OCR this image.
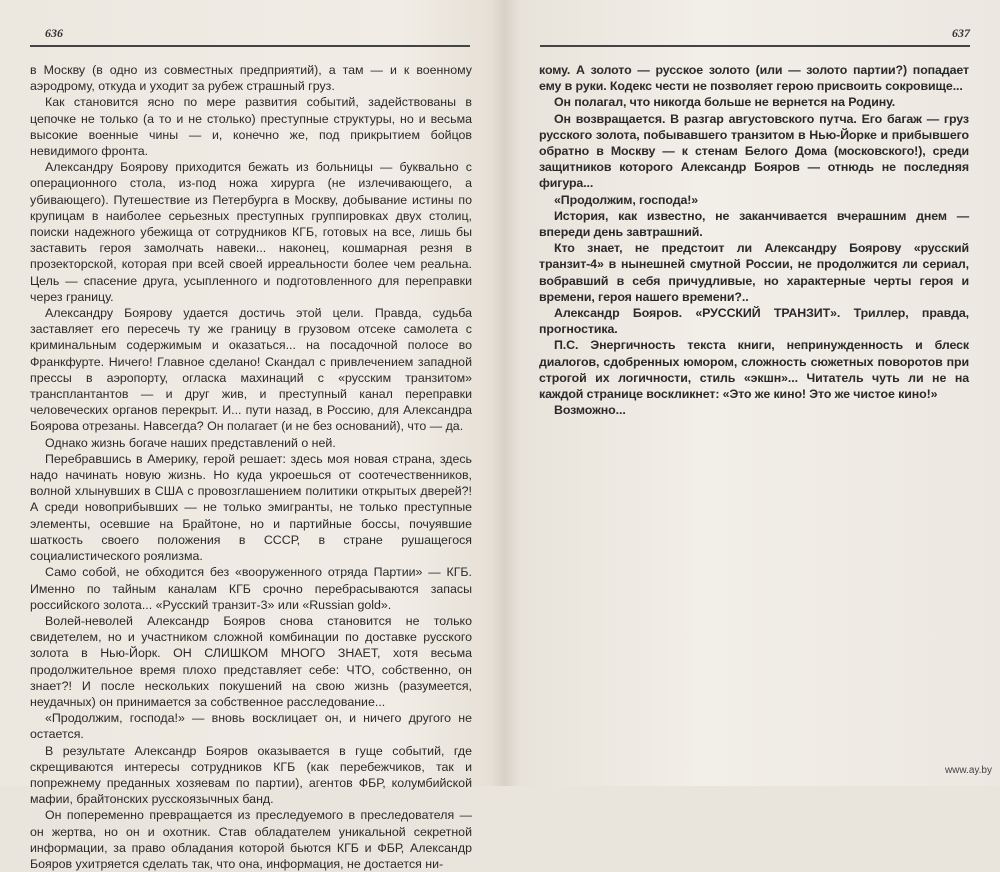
636

в Москву (в одно из совместных предприятий), а там — и к военному аэродрому, откуда и уходит за рубеж страшный груз.

Как становится ясно по мере развития событий, задействованы в цепочке не только (а то и не столько) преступные структуры, но и весьма высокие военные чины — и, конечно же, под прикрытием бойцов невидимого фронта.

Александру Боярову приходится бежать из больницы — буквально с операционного стола, из-под ножа хирурга (не излечивающего, а убивающего). Путешествие из Петербурга в Москву, добывание истины по крупицам в наиболее серьезных преступных группировках двух столиц, поиски надежного убежища от сотрудников КГБ, готовых на все, лишь бы заставить героя замолчать навеки... наконец, кошмарная резня в прозекторской, которая при всей своей ирреальности более чем реальна. Цель — спасение друга, усыпленного и подготовленного для переправки через границу.

Александру Боярову удается достичь этой цели. Правда, судьба заставляет его пересечь ту же границу в грузовом отсеке самолета с криминальным содержимым и оказаться... на посадочной полосе во Франкфурте. Ничего! Главное сделано! Скандал с привлечением западной прессы в аэропорту, огласка махинаций с «русским транзитом» трансплантантов — и друг жив, и преступный канал переправки человеческих органов перекрыт. И... пути назад, в Россию, для Александра Боярова отрезаны. Навсегда? Он полагает (и не без оснований), что — да.

Однако жизнь богаче наших представлений о ней.

Перебравшись в Америку, герой решает: здесь моя новая страна, здесь надо начинать новую жизнь. Но куда укроешься от соотечественников, волной хлынувших в США с провозглашением политики открытых дверей?! А среди новоприбывших — не только эмигранты, не только преступные элементы, осевшие на Брайтоне, но и партийные боссы, почуявшие шаткость своего положения в СССР, в стране рушащегося социалистического роялизма.

Само собой, не обходится без «вооруженного отряда Партии» — КГБ. Именно по тайным каналам КГБ срочно перебрасываются запасы российского золота... «Русский транзит-3» или «Russian gold».

Волей-неволей Александр Бояров снова становится не только свидетелем, но и участником сложной комбинации по доставке русского золота в Нью-Йорк. ОН СЛИШКОМ МНОГО ЗНАЕТ, хотя весьма продолжительное время плохо представляет себе: ЧТО, собственно, он знает?! И после нескольких покушений на свою жизнь (разумеется, неудачных) он принимается за собственное расследование...

«Продолжим, господа!» — вновь восклицает он, и ничего другого не остается.

В результате Александр Бояров оказывается в гуще событий, где скрещиваются интересы сотрудников КГБ (как перебежчиков, так и попрежнему преданных хозяевам по партии), агентов ФБР, колумбийской мафии, брайтонских русскоязычных банд.

Он попеременно превращается из преследуемого в преследователя — он жертва, но он и охотник. Став обладателем уникальной секретной информации, за право обладания которой бьются КГБ и ФБР, Александр Бояров ухитряется сделать так, что она, информация, не достается ни-

637

кому. А золото — русское золото (или — золото партии?) попадает ему в руки. Кодекс чести не позволяет герою присвоить сокровище...

Он полагал, что никогда больше не вернется на Родину.

Он возвращается. В разгар августовского путча. Его багаж — груз русского золота, побывавшего транзитом в Нью-Йорке и прибывшего обратно в Москву — к стенам Белого Дома (московского!), среди защитников которого Александр Бояров — отнюдь не последняя фигура...

«Продолжим, господа!»

История, как известно, не заканчивается вчерашним днем — впереди день завтрашний.

Кто знает, не предстоит ли Александру Боярову «русский транзит-4» в нынешней смутной России, не продолжится ли сериал, вобравший в себя причудливые, но характерные черты героя и времени, героя нашего времени?..

Александр Бояров. «РУССКИЙ ТРАНЗИТ». Триллер, правда, прогностика.

П.С. Энергичность текста книги, непринужденность и блеск диалогов, сдобренных юмором, сложность сюжетных поворотов при строгой их логичности, стиль «экшн»... Читатель чуть ли не на каждой странице воскликнет: «Это же кино! Это же чистое кино!»

Возможно...

www.ay.by
